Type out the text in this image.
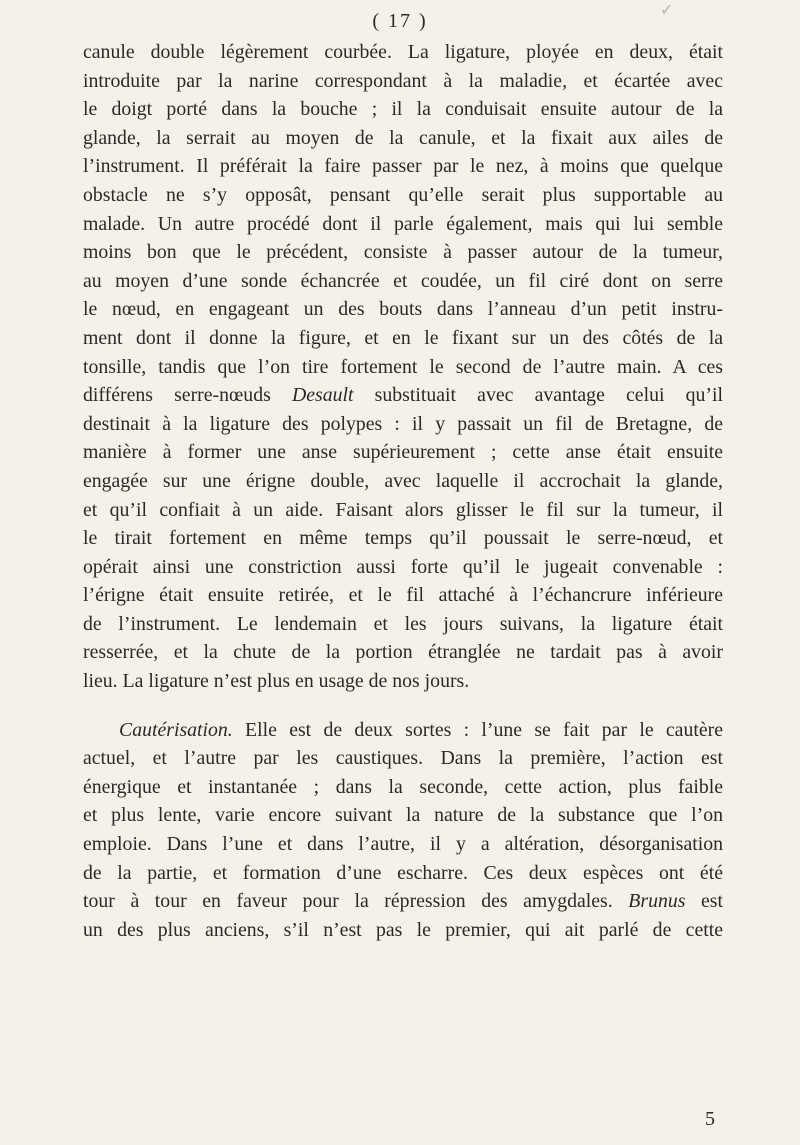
✓
( 17 )
canule double légèrement courbée. La ligature, ployée en deux, était
introduite par la narine correspondant à la maladie, et écartée avec
le doigt porté dans la bouche ; il la conduisait ensuite autour de la
glande, la serrait au moyen de la canule, et la fixait aux ailes de
l’instrument. Il préférait la faire passer par le nez, à moins que quelque
obstacle ne s’y opposât, pensant qu’elle serait plus supportable au
malade. Un autre procédé dont il parle également, mais qui lui semble
moins bon que le précédent, consiste à passer autour de la tumeur,
au moyen d’une sonde échancrée et coudée, un fil ciré dont on serre
le nœud, en engageant un des bouts dans l’anneau d’un petit instru-
ment dont il donne la figure, et en le fixant sur un des côtés de la
tonsille, tandis que l’on tire fortement le second de l’autre main. A ces
différens serre-nœuds Desault substituait avec avantage celui qu’il
destinait à la ligature des polypes : il y passait un fil de Bretagne, de
manière à former une anse supérieurement ; cette anse était ensuite
engagée sur une érigne double, avec laquelle il accrochait la glande,
et qu’il confiait à un aide. Faisant alors glisser le fil sur la tumeur, il
le tirait fortement en même temps qu’il poussait le serre-nœud, et
opérait ainsi une constriction aussi forte qu’il le jugeait convenable :
l’érigne était ensuite retirée, et le fil attaché à l’échancrure inférieure
de l’instrument. Le lendemain et les jours suivans, la ligature était
resserrée, et la chute de la portion étranglée ne tardait pas à avoir
lieu. La ligature n’est plus en usage de nos jours.
Cautérisation. Elle est de deux sortes : l’une se fait par le cautère
actuel, et l’autre par les caustiques. Dans la première, l’action est
énergique et instantanée ; dans la seconde, cette action, plus faible
et plus lente, varie encore suivant la nature de la substance que l’on
emploie. Dans l’une et dans l’autre, il y a altération, désorganisation
de la partie, et formation d’une escharre. Ces deux espèces ont été
tour à tour en faveur pour la répression des amygdales. Brunus est
un des plus anciens, s’il n’est pas le premier, qui ait parlé de cette
5
